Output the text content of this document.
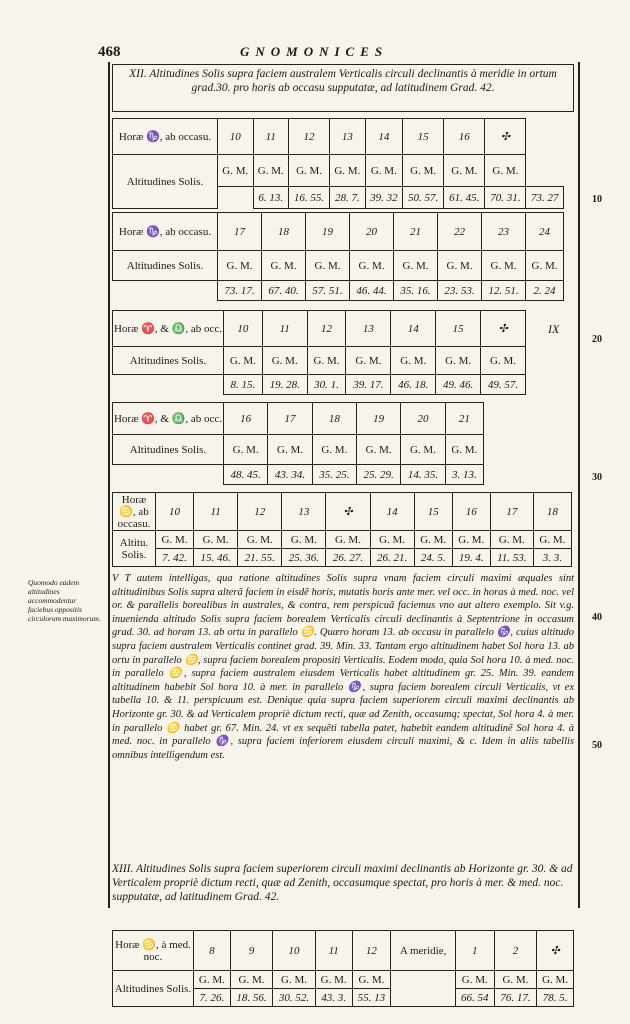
468	GNOMONICES
10
20
30
40
50
Quomodo eadem altitudines accommodentur faciebus oppositis circulorum maximorum.
XII. Altitudines Solis supra faciem australem Verticalis circuli declinantis à meridie in ortum grad.30. pro horis ab occasu supputatæ, ad latitudinem Grad. 42.
Horæ ♑, ab occasu.	10	11	12	13	14	15	16	✣	
Altitudines Solis.	G. M.	G. M.	G. M.	G. M.	G. M.	G. M.	G. M.	G. M.	
		6. 13.	16. 55.	28. 7.	39. 32	50. 57.	61. 45.	70. 31.	73. 27
Horæ ♑, ab occasu.	17	18	19	20	21	22	23	24
Altitudines Solis.	G. M.	G. M.	G. M.	G. M.	G. M.	G. M.	G. M.	G. M.
	73. 17.	67. 40.	57. 51.	46. 44.	35. 16.	23. 53.	12. 51.	2. 24
Horæ ♈, & ♎, ab occ.	10	11	12	13	14	15	✣
Altitudines Solis.	G. M.	G. M.	G. M.	G. M.	G. M.	G. M.	G. M.
	8. 15.	19. 28.	30. 1.	39. 17.	46. 18.	49. 46.	49. 57.
IX
Horæ ♈, & ♎, ab occ.	16	17	18	19	20	21
Altitudines Solis.	G. M.	G. M.	G. M.	G. M.	G. M.	G. M.
	48. 45.	43. 34.	35. 25.	25. 29.	14. 35.	3. 13.
Horæ ♋, ab occasu.	10	11	12	13	✣	14	15	16	17	18
Altitu. Solis.	G. M.	G. M.	G. M.	G. M.	G. M.	G. M.	G. M.	G. M.	G. M.	G. M.
	7. 42.	15. 46.	21. 55.	25. 36.	26. 27.	26. 21.	24. 5.	19. 4.	11. 53.	3. 3.
V T autem intelligas, qua ratione altitudines Solis supra vnam faciem circuli maximi æquales sint altitudinibus Solis supra alterã faciem in eisdẽ horis, mutatis horis ante mer. vel occ. in horas à med. noc. vel or. & parallelis borealibus in australes, & contra, rem perspicuã faciemus vno aut altero exemplo. Sit v.g. inuenienda altitudo Solis supra faciem borealem Verticalis circuli declinantis à Septentrione in occasum grad. 30. ad horam 13. ab ortu in parallelo ♋. Quæro horam 13. ab occasu in parallelo ♑, cuius altitudo supra faciem australem Verticalis continet grad. 39. Min. 33. Tantam ergo altitudinem habet Sol hora 13. ab ortu in parallelo ♋, supra faciem borealem propositi Verticalis. Eodem modo, quia Sol hora 10. à med. noc. in parallelo ♋, supra faciem australem eiusdem Verticalis habet altitudinem gr. 25. Min. 39. eandem altitudinem habebit Sol hora 10. à mer. in parallelo ♑, supra faciem borealem circuli Verticalis, vt ex tabella 10. & 11. perspicuum est. Denique quia supra faciem superiorem circuli maximi declinantis ab Horizonte gr. 30. & ad Verticalem propriè dictum recti, quæ ad Zenith, occasumq; spectat, Sol hora 4. à mer. in parallelo ♋ habet gr. 67. Min. 24. vt ex sequẽti tabella patet, habebit eandem altitudinẽ Sol hora 4. à med. noc. in parallelo ♑, supra faciem inferiorem eiusdem circuli maximi, & c. Idem in aliis tabellis omnibus intelligendum est.
XIII. Altitudines Solis supra faciem superiorem circuli maximi declinantis ab Horizonte gr. 30. & ad Verticalem propriè dictum recti, quæ ad Zenith, occasumque spectat, pro horis à mer. & med. noc. supputatæ, ad latitudinem Grad. 42.
Horæ ♋, à med. noc.	8	9	10	11	12	A meridie,	1	2	✣
Altitudines Solis.	G. M.	G. M.	G. M.	G. M.	G. M.		G. M.	G. M.	G. M.
	7. 26.	18. 56.	30. 52.	43. 3.	55. 13		66. 54	76. 17.	78. 5.
